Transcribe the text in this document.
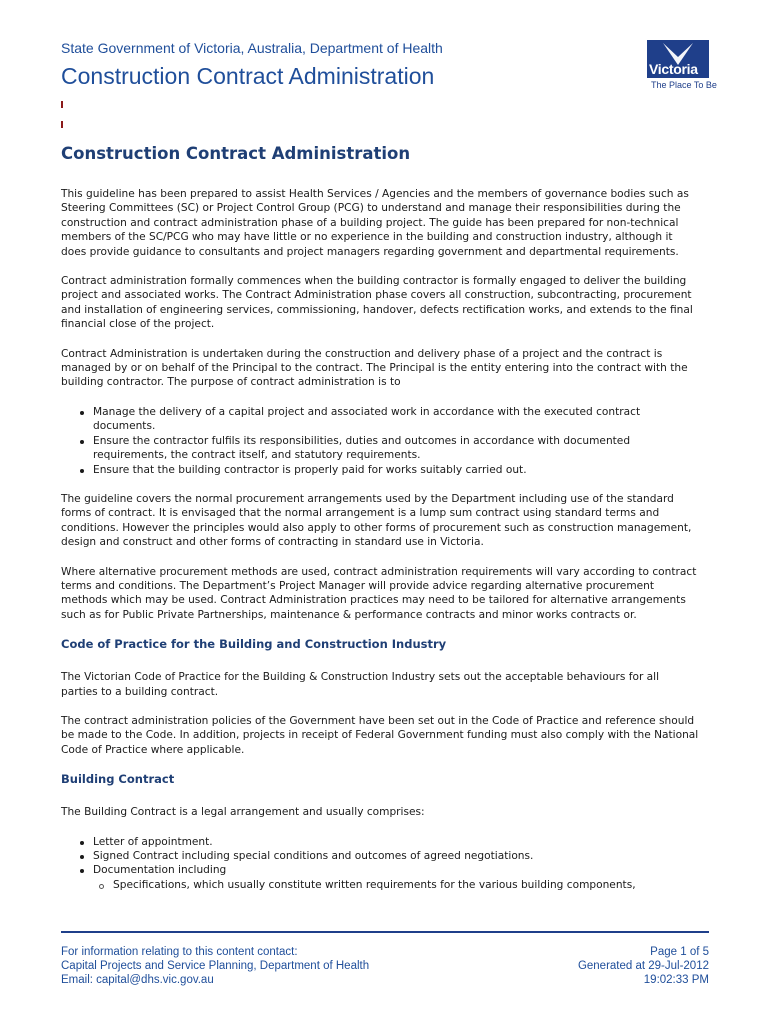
State Government of Victoria, Australia, Department of Health
Construction Contract Administration	Victoria
The Place To Be
Construction Contract Administration

This guideline has been prepared to assist Health Services / Agencies and the members of governance bodies such as Steering Committees (SC) or Project Control Group (PCG) to understand and manage their responsibilities during the construction and contract administration phase of a building project. The guide has been prepared for non-technical members of the SC/PCG who may have little or no experience in the building and construction industry, although it does provide guidance to consultants and project managers regarding government and departmental requirements.

Contract administration formally commences when the building contractor is formally engaged to deliver the building project and associated works. The Contract Administration phase covers all construction, subcontracting, procurement and installation of engineering services, commissioning, handover, defects rectification works, and extends to the final financial close of the project.

Contract Administration is undertaken during the construction and delivery phase of a project and the contract is managed by or on behalf of the Principal to the contract. The Principal is the entity entering into the contract with the building contractor. The purpose of contract administration is to

Manage the delivery of a capital project and associated work in accordance with the executed contract documents.
Ensure the contractor fulfils its responsibilities, duties and outcomes in accordance with documented requirements, the contract itself, and statutory requirements.
Ensure that the building contractor is properly paid for works suitably carried out.

The guideline covers the normal procurement arrangements used by the Department including use of the standard forms of contract. It is envisaged that the normal arrangement is a lump sum contract using standard terms and conditions. However the principles would also apply to other forms of procurement such as construction management, design and construct and other forms of contracting in standard use in Victoria.

Where alternative procurement methods are used, contract administration requirements will vary according to contract terms and conditions. The Department’s Project Manager will provide advice regarding alternative procurement methods which may be used. Contract Administration practices may need to be tailored for alternative arrangements such as for Public Private Partnerships, maintenance & performance contracts and minor works contracts or.

Code of Practice for the Building and Construction Industry

The Victorian Code of Practice for the Building & Construction Industry sets out the acceptable behaviours for all parties to a building contract.

The contract administration policies of the Government have been set out in the Code of Practice and reference should be made to the Code. In addition, projects in receipt of Federal Government funding must also comply with the National Code of Practice where applicable.

Building Contract

The Building Contract is a legal arrangement and usually comprises:

Letter of appointment.
Signed Contract including special conditions and outcomes of agreed negotiations.
Documentation including
Specifications, which usually constitute written requirements for the various building components,
For information relating to this content contact:
Capital Projects and Service Planning, Department of Health
Email: capital@dhs.vic.gov.au
Page 1 of 5
Generated at 29-Jul-2012
19:02:33 PM
